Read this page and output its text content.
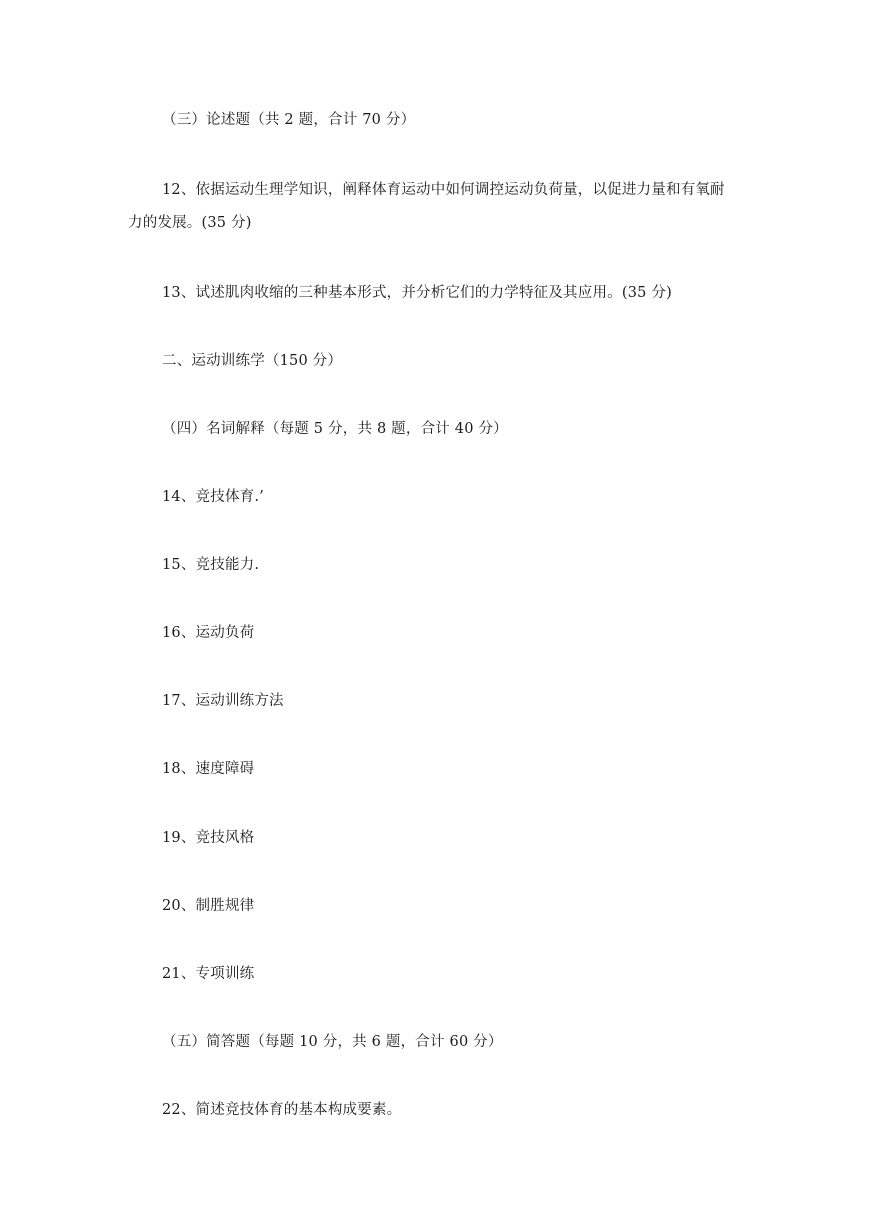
（三）论述题（共 2 题，合计 70 分）
12、依据运动生理学知识，阐释体育运动中如何调控运动负荷量，以促进力量和有氧耐
力的发展。(35 分)
13、试述肌肉收缩的三种基本形式，并分析它们的力学特征及其应用。(35 分)
二、运动训练学（150 分）
（四）名词解释（每题 5 分，共 8 题，合计 40 分）
14、竞技体育.’
15、竞技能力.
16、运动负荷
17、运动训练方法
18、速度障碍
19、竞技风格
20、制胜规律
21、专项训练
（五）简答题（每题 10 分，共 6 题，合计 60 分）
22、简述竞技体育的基本构成要素。
